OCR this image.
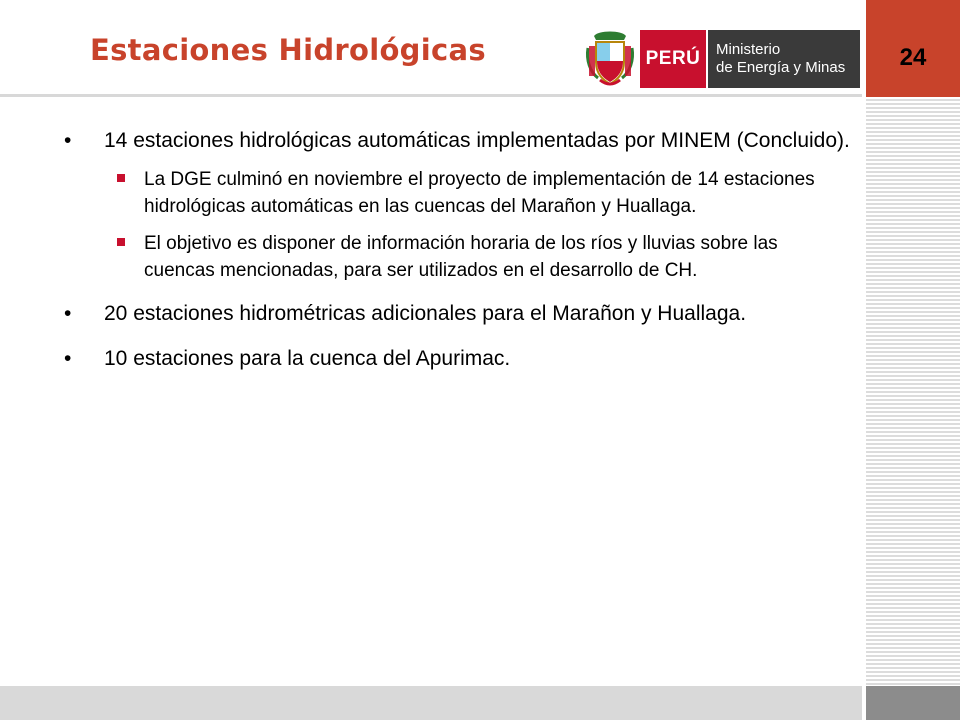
24
Estaciones Hidrológicas	PERÚ	Ministerio
de Energía y Minas
• 14 estaciones hidrológicas automáticas implementadas por MINEM (Concluido).
La DGE culminó en noviembre el proyecto de implementación de 14 estaciones hidrológicas automáticas en las cuencas del Marañon y Huallaga.
El objetivo es disponer de información horaria de los ríos y lluvias sobre las cuencas mencionadas, para ser utilizados en el desarrollo de CH.
• 20 estaciones hidrométricas adicionales para el Marañon y Huallaga.
• 10 estaciones para la cuenca del Apurimac.
